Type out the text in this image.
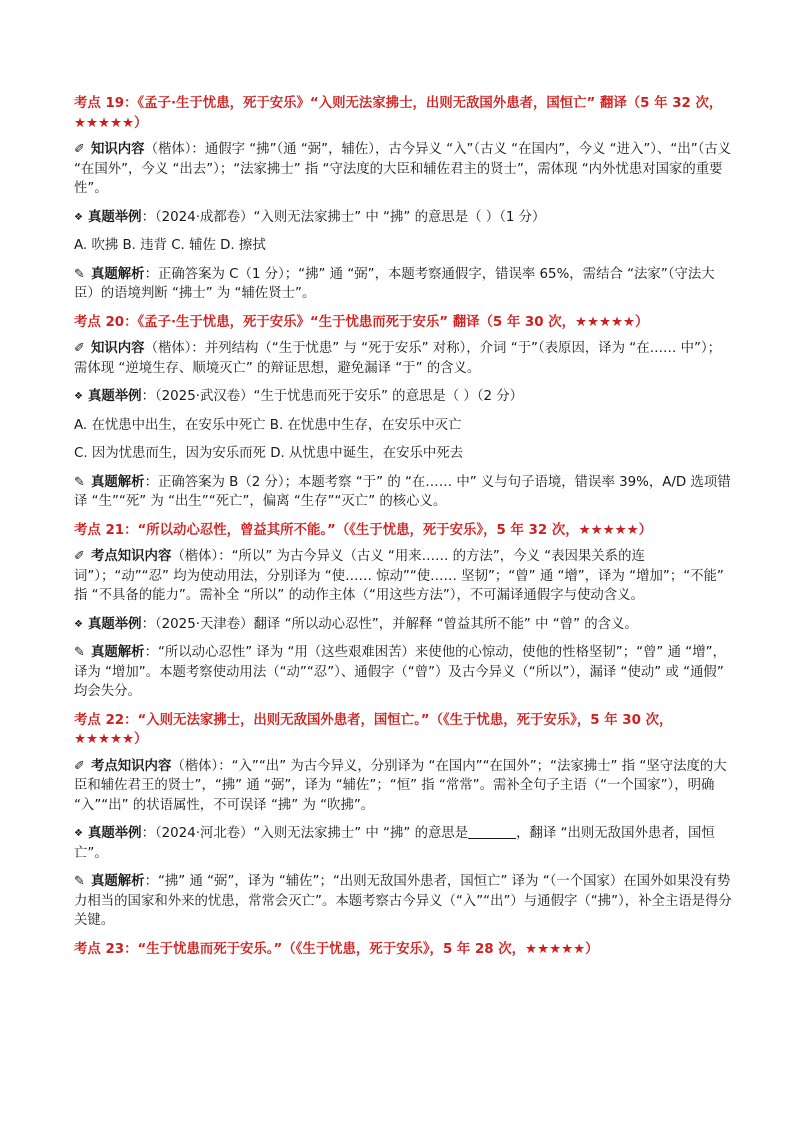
考点 19：《孟子·生于忧患，死于安乐》“入则无法家拂士，出则无敌国外患者，国恒亡” 翻译（5 年 32 次，★★★★★）
✐ 知识内容（楷体）：通假字 “拂”（通 “弼”，辅佐），古今异义 “入”（古义 “在国内”，今义 “进入”）、“出”（古义 “在国外”，今义 “出去”）；“法家拂士” 指 “守法度的大臣和辅佐君主的贤士”，需体现 “内外忧患对国家的重要性”。
❖ 真题举例：（2024·成都卷）“入则无法家拂士” 中 “拂” 的意思是（ ）（1 分）
A. 吹拂 B. 违背 C. 辅佐 D. 擦拭
✎ 真题解析：正确答案为 C（1 分）；“拂” 通 “弼”，本题考察通假字，错误率 65%，需结合 “法家”（守法大臣）的语境判断 “拂士” 为 “辅佐贤士”。
考点 20：《孟子·生于忧患，死于安乐》“生于忧患而死于安乐” 翻译（5 年 30 次，★★★★★）
✐ 知识内容（楷体）：并列结构（“生于忧患” 与 “死于安乐” 对称），介词 “于”（表原因，译为 “在…… 中”）；需体现 “逆境生存、顺境灭亡” 的辩证思想，避免漏译 “于” 的含义。
❖ 真题举例：（2025·武汉卷）“生于忧患而死于安乐” 的意思是（ ）（2 分）
A. 在忧患中出生，在安乐中死亡 B. 在忧患中生存，在安乐中灭亡
C. 因为忧患而生，因为安乐而死 D. 从忧患中诞生，在安乐中死去
✎ 真题解析：正确答案为 B（2 分）；本题考察 “于” 的 “在…… 中” 义与句子语境，错误率 39%，A/D 选项错译 “生”“死” 为 “出生”“死亡”，偏离 “生存”“灭亡” 的核心义。
考点 21：“所以动心忍性，曾益其所不能。”（《生于忧患，死于安乐》，5 年 32 次，★★★★★）
✐ 考点知识内容（楷体）：“所以” 为古今异义（古义 “用来…… 的方法”，今义 “表因果关系的连词”）；“动”“忍” 均为使动用法，分别译为 “使…… 惊动”“使…… 坚韧”；“曾” 通 “增”，译为 “增加”；“不能” 指 “不具备的能力”。需补全 “所以” 的动作主体（“用这些方法”），不可漏译通假字与使动含义。
❖ 真题举例：（2025·天津卷）翻译 “所以动心忍性”，并解释 “曾益其所不能” 中 “曾” 的含义。
✎ 真题解析：“所以动心忍性” 译为 “用（这些艰难困苦）来使他的心惊动，使他的性格坚韧”；“曾” 通 “增”，译为 “增加”。本题考察使动用法（“动”“忍”）、通假字（“曾”）及古今异义（“所以”），漏译 “使动” 或 “通假” 均会失分。
考点 22：“入则无法家拂士，出则无敌国外患者，国恒亡。”（《生于忧患，死于安乐》，5 年 30 次，★★★★★）
✐ 考点知识内容（楷体）：“入”“出” 为古今异义，分别译为 “在国内”“在国外”；“法家拂士” 指 “坚守法度的大臣和辅佐君王的贤士”，“拂” 通 “弼”，译为 “辅佐”；“恒” 指 “常常”。需补全句子主语（“一个国家”），明确 “入”“出” 的状语属性，不可误译 “拂” 为 “吹拂”。
❖ 真题举例：（2024·河北卷）“入则无法家拂士” 中 “拂” 的意思是	，翻译 “出则无敌国外患者，国恒亡”。
✎ 真题解析：“拂” 通 “弼”，译为 “辅佐”；“出则无敌国外患者，国恒亡” 译为 “（一个国家）在国外如果没有势力相当的国家和外来的忧患，常常会灭亡”。本题考察古今异义（“入”“出”）与通假字（“拂”），补全主语是得分关键。
考点 23：“生于忧患而死于安乐。”（《生于忧患，死于安乐》，5 年 28 次，★★★★★）
